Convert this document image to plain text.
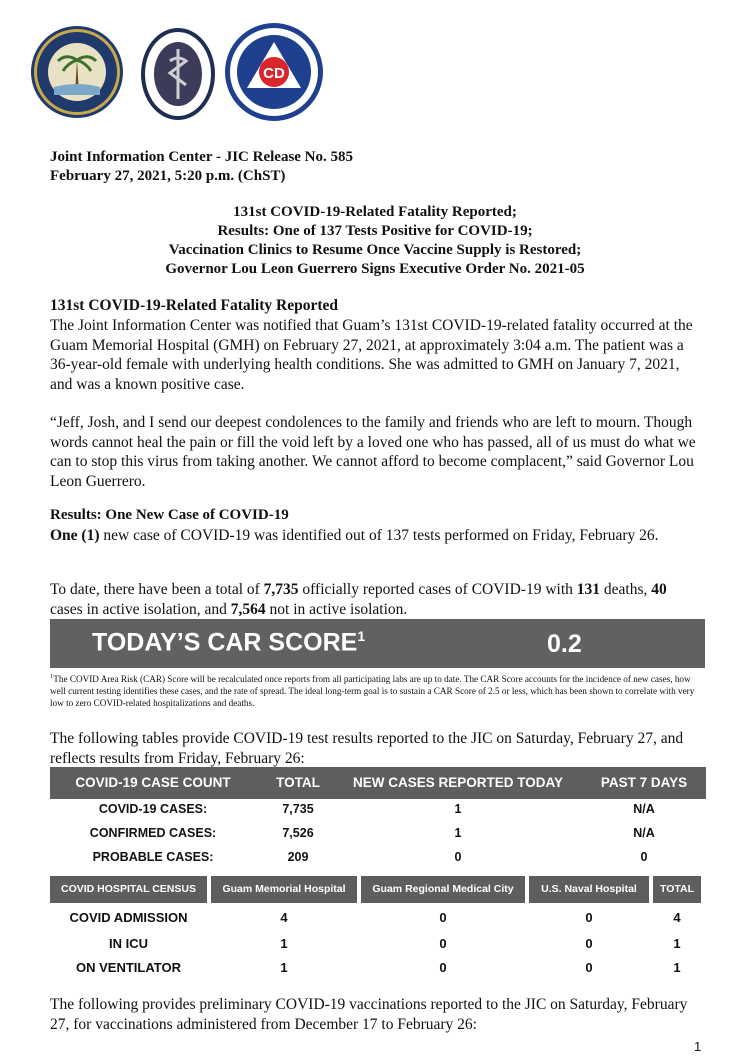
CD
Joint Information Center - JIC Release No. 585
February 27, 2021, 5:20 p.m. (ChST)
131st COVID-19-Related Fatality Reported;
Results: One of 137 Tests Positive for COVID-19;
Vaccination Clinics to Resume Once Vaccine Supply is Restored;
Governor Lou Leon Guerrero Signs Executive Order No. 2021-05
131st COVID-19-Related Fatality Reported
The Joint Information Center was notified that Guam’s 131st COVID-19-related fatality occurred at the Guam Memorial Hospital (GMH) on February 27, 2021, at approximately 3:04 a.m. The patient was a 36-year-old female with underlying health conditions. She was admitted to GMH on January 7, 2021, and was a known positive case.
“Jeff, Josh, and I send our deepest condolences to the family and friends who are left to mourn. Though words cannot heal the pain or fill the void left by a loved one who has passed, all of us must do what we can to stop this virus from taking another. We cannot afford to become complacent,” said Governor Lou Leon Guerrero.
Results: One New Case of COVID-19
One (1) new case of COVID-19 was identified out of 137 tests performed on Friday, February 26.
To date, there have been a total of 7,735 officially reported cases of COVID-19 with 131 deaths, 40 cases in active isolation, and 7,564 not in active isolation.
TODAY’S CAR SCORE$^1$	0.2
$^1$The COVID Area Risk (CAR) Score will be recalculated once reports from all participating labs are up to date. The CAR Score accounts for the incidence of new cases, how well current testing identifies these cases, and the rate of spread. The ideal long-term goal is to sustain a CAR Score of 2.5 or less, which has been shown to correlate with very low to zero COVID-related hospitalizations and deaths.
The following tables provide COVID-19 test results reported to the JIC on Saturday, February 27, and reflects results from Friday, February 26:
COVID-19 CASE COUNT	TOTAL	NEW CASES REPORTED TODAY	PAST 7 DAYS
COVID-19 CASES:	7,735	1	N/A
CONFIRMED CASES:	7,526	1	N/A
PROBABLE CASES:	209	0	0
COVID HOSPITAL CENSUS	Guam Memorial Hospital	Guam Regional Medical City	U.S. Naval Hospital	TOTAL
COVID ADMISSION	4	0	0	4
IN ICU	1	0	0	1
ON VENTILATOR	1	0	0	1
The following provides preliminary COVID-19 vaccinations reported to the JIC on Saturday, February 27, for vaccinations administered from December 17 to February 26:
1
